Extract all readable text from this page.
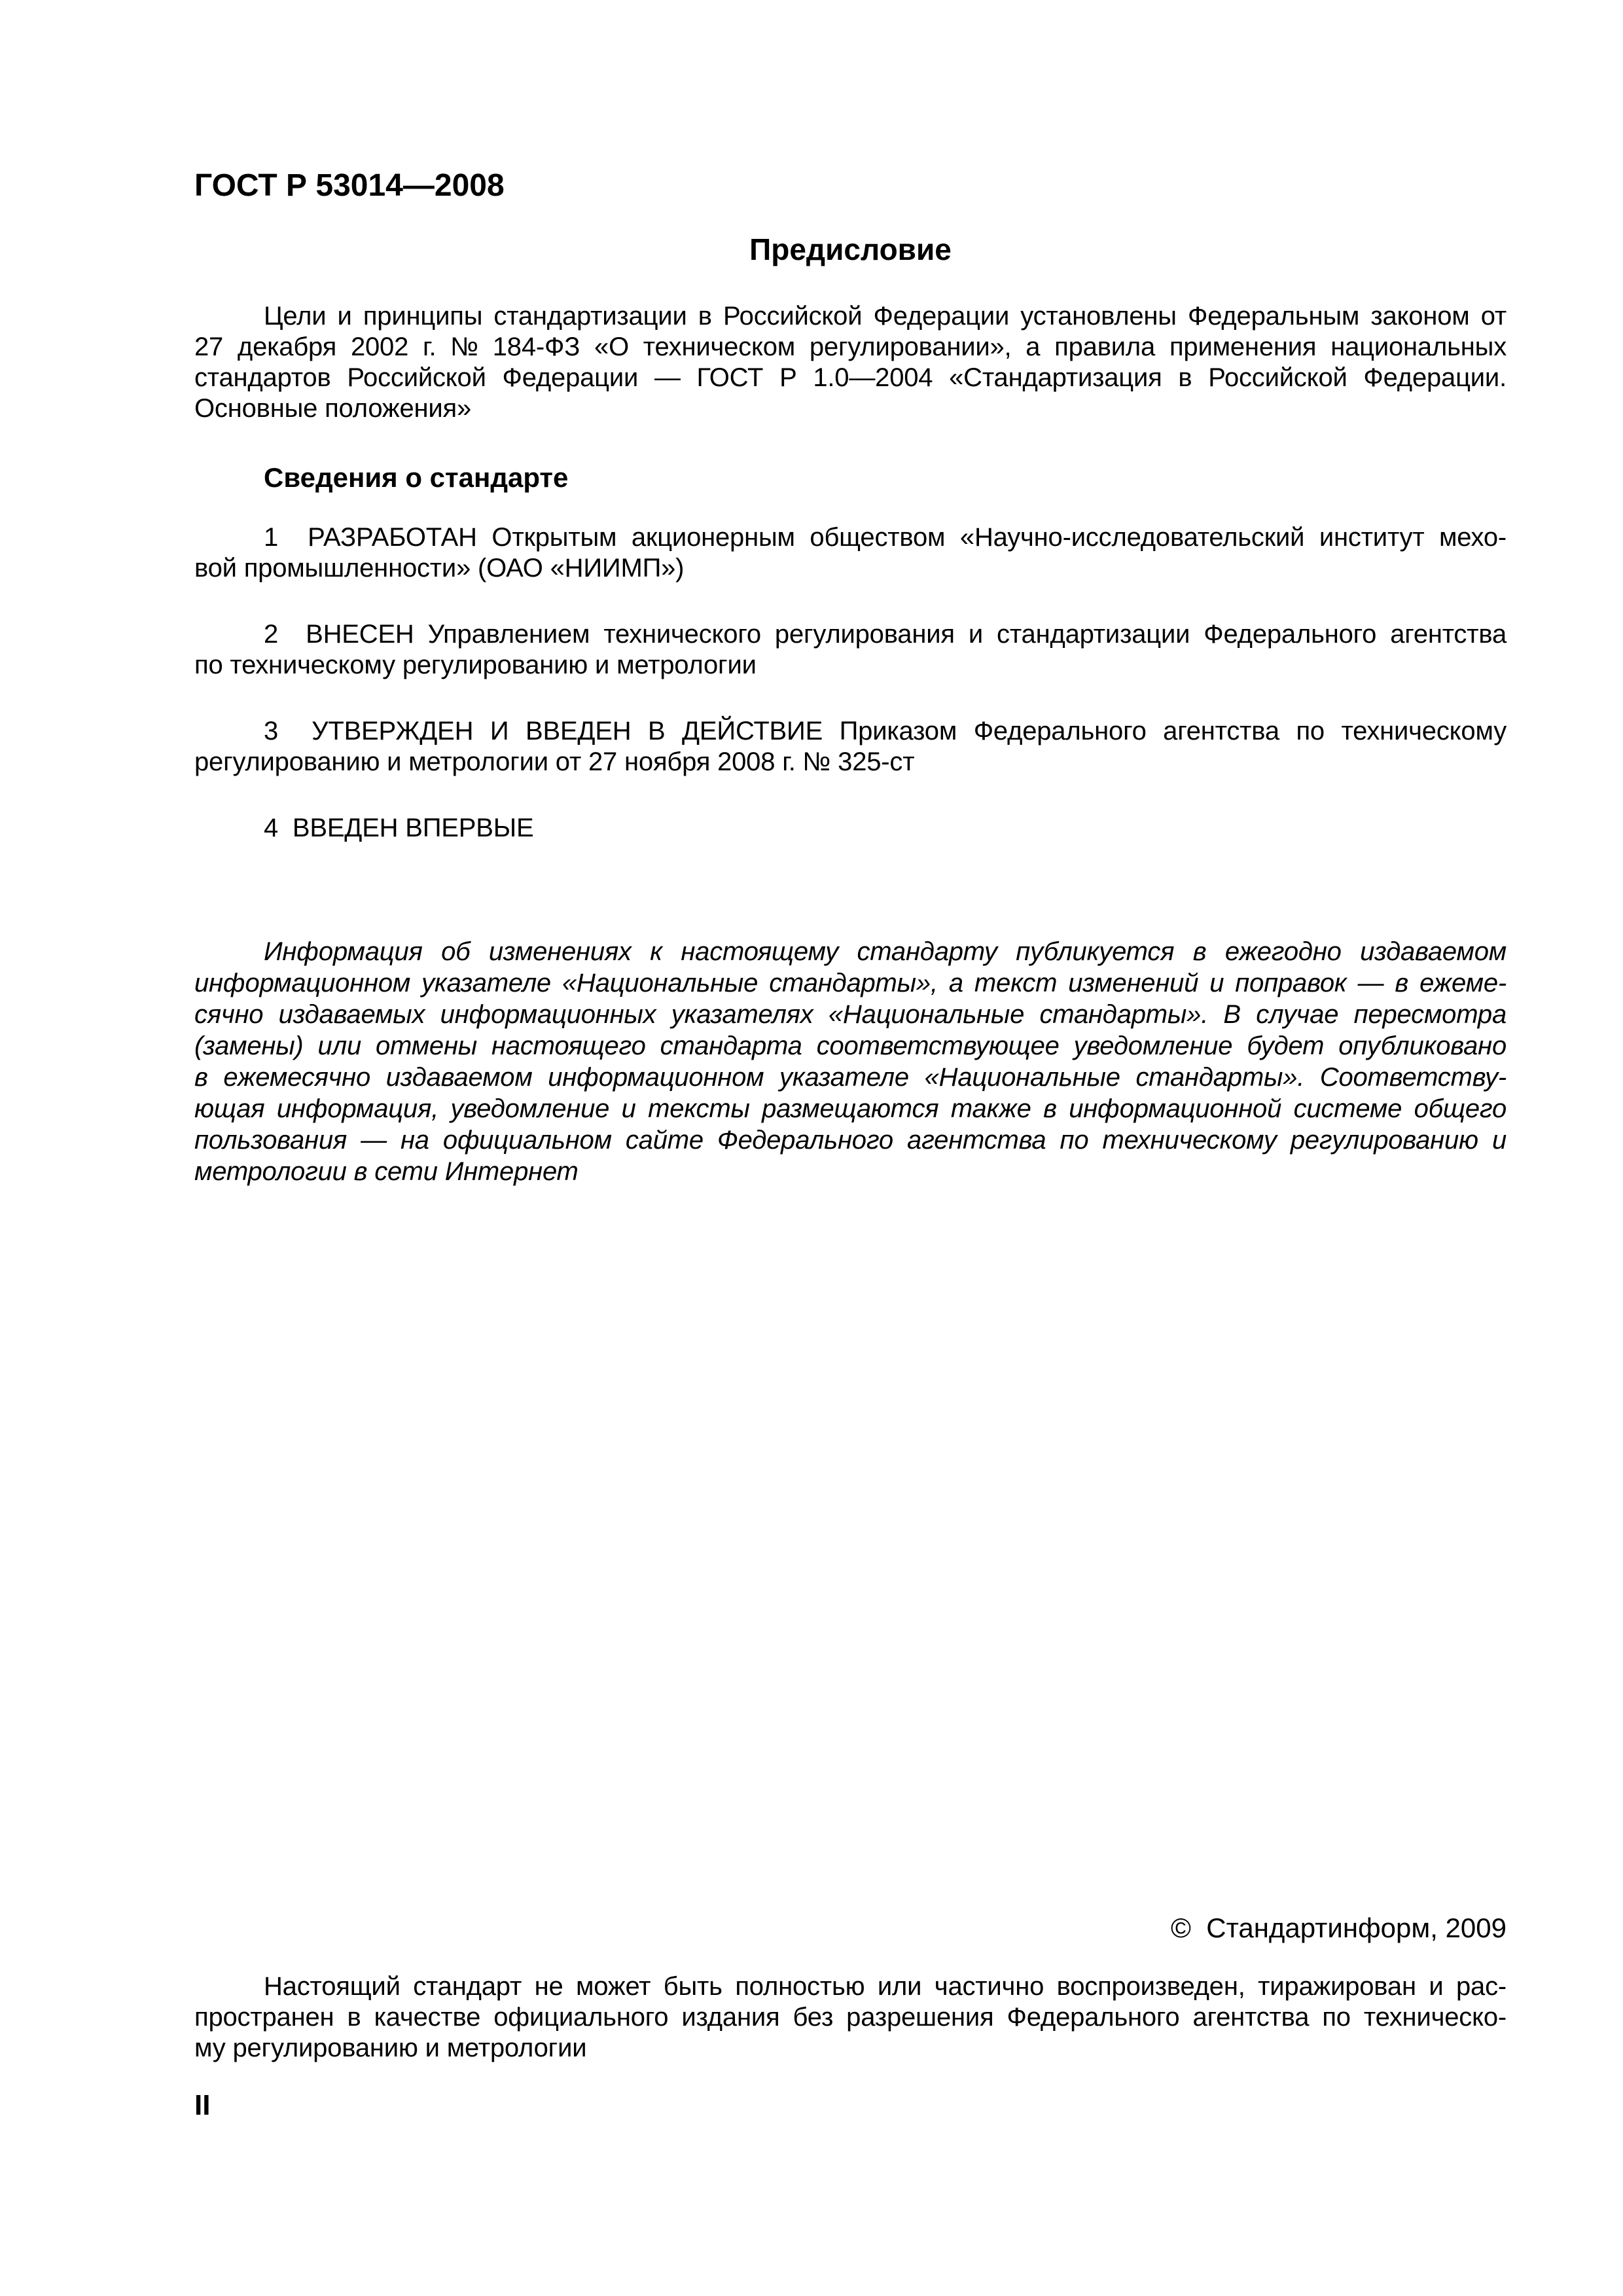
ГОСТ Р 53014—2008
Предисловие
Цели и принципы стандартизации в Российской Федерации установлены Федеральным законом от
27 декабря 2002 г. № 184-ФЗ «О техническом регулировании», а правила применения национальных
стандартов Российской Федерации — ГОСТ Р 1.0—2004 «Стандартизация в Российской Федерации.
Основные положения»
Сведения о стандарте
1  РАЗРАБОТАН Открытым акционерным обществом «Научно-исследовательский институт мехо-
вой промышленности» (ОАО «НИИМП»)
2  ВНЕСЕН Управлением технического регулирования и стандартизации Федерального агентства
по техническому регулированию и метрологии
3  УТВЕРЖДЕН И ВВЕДЕН В ДЕЙСТВИЕ Приказом Федерального агентства по техническому
регулированию и метрологии от 27 ноября 2008 г. № 325-ст
4  ВВЕДЕН ВПЕРВЫЕ
Информация об изменениях к настоящему стандарту публикуется в ежегодно издаваемом
информационном указателе «Национальные стандарты», а текст изменений и поправок — в ежеме-
сячно издаваемых информационных указателях «Национальные стандарты». В случае пересмотра
(замены) или отмены настоящего стандарта соответствующее уведомление будет опубликовано
в ежемесячно издаваемом информационном указателе «Национальные стандарты». Соответству-
ющая информация, уведомление и тексты размещаются также в информационной системе общего
пользования — на официальном сайте Федерального агентства по техническому регулированию и
метрологии в сети Интернет
©  Стандартинформ, 2009
Настоящий стандарт не может быть полностью или частично воспроизведен, тиражирован и рас-
пространен в качестве официального издания без разрешения Федерального агентства по техническо-
му регулированию и метрологии
II
